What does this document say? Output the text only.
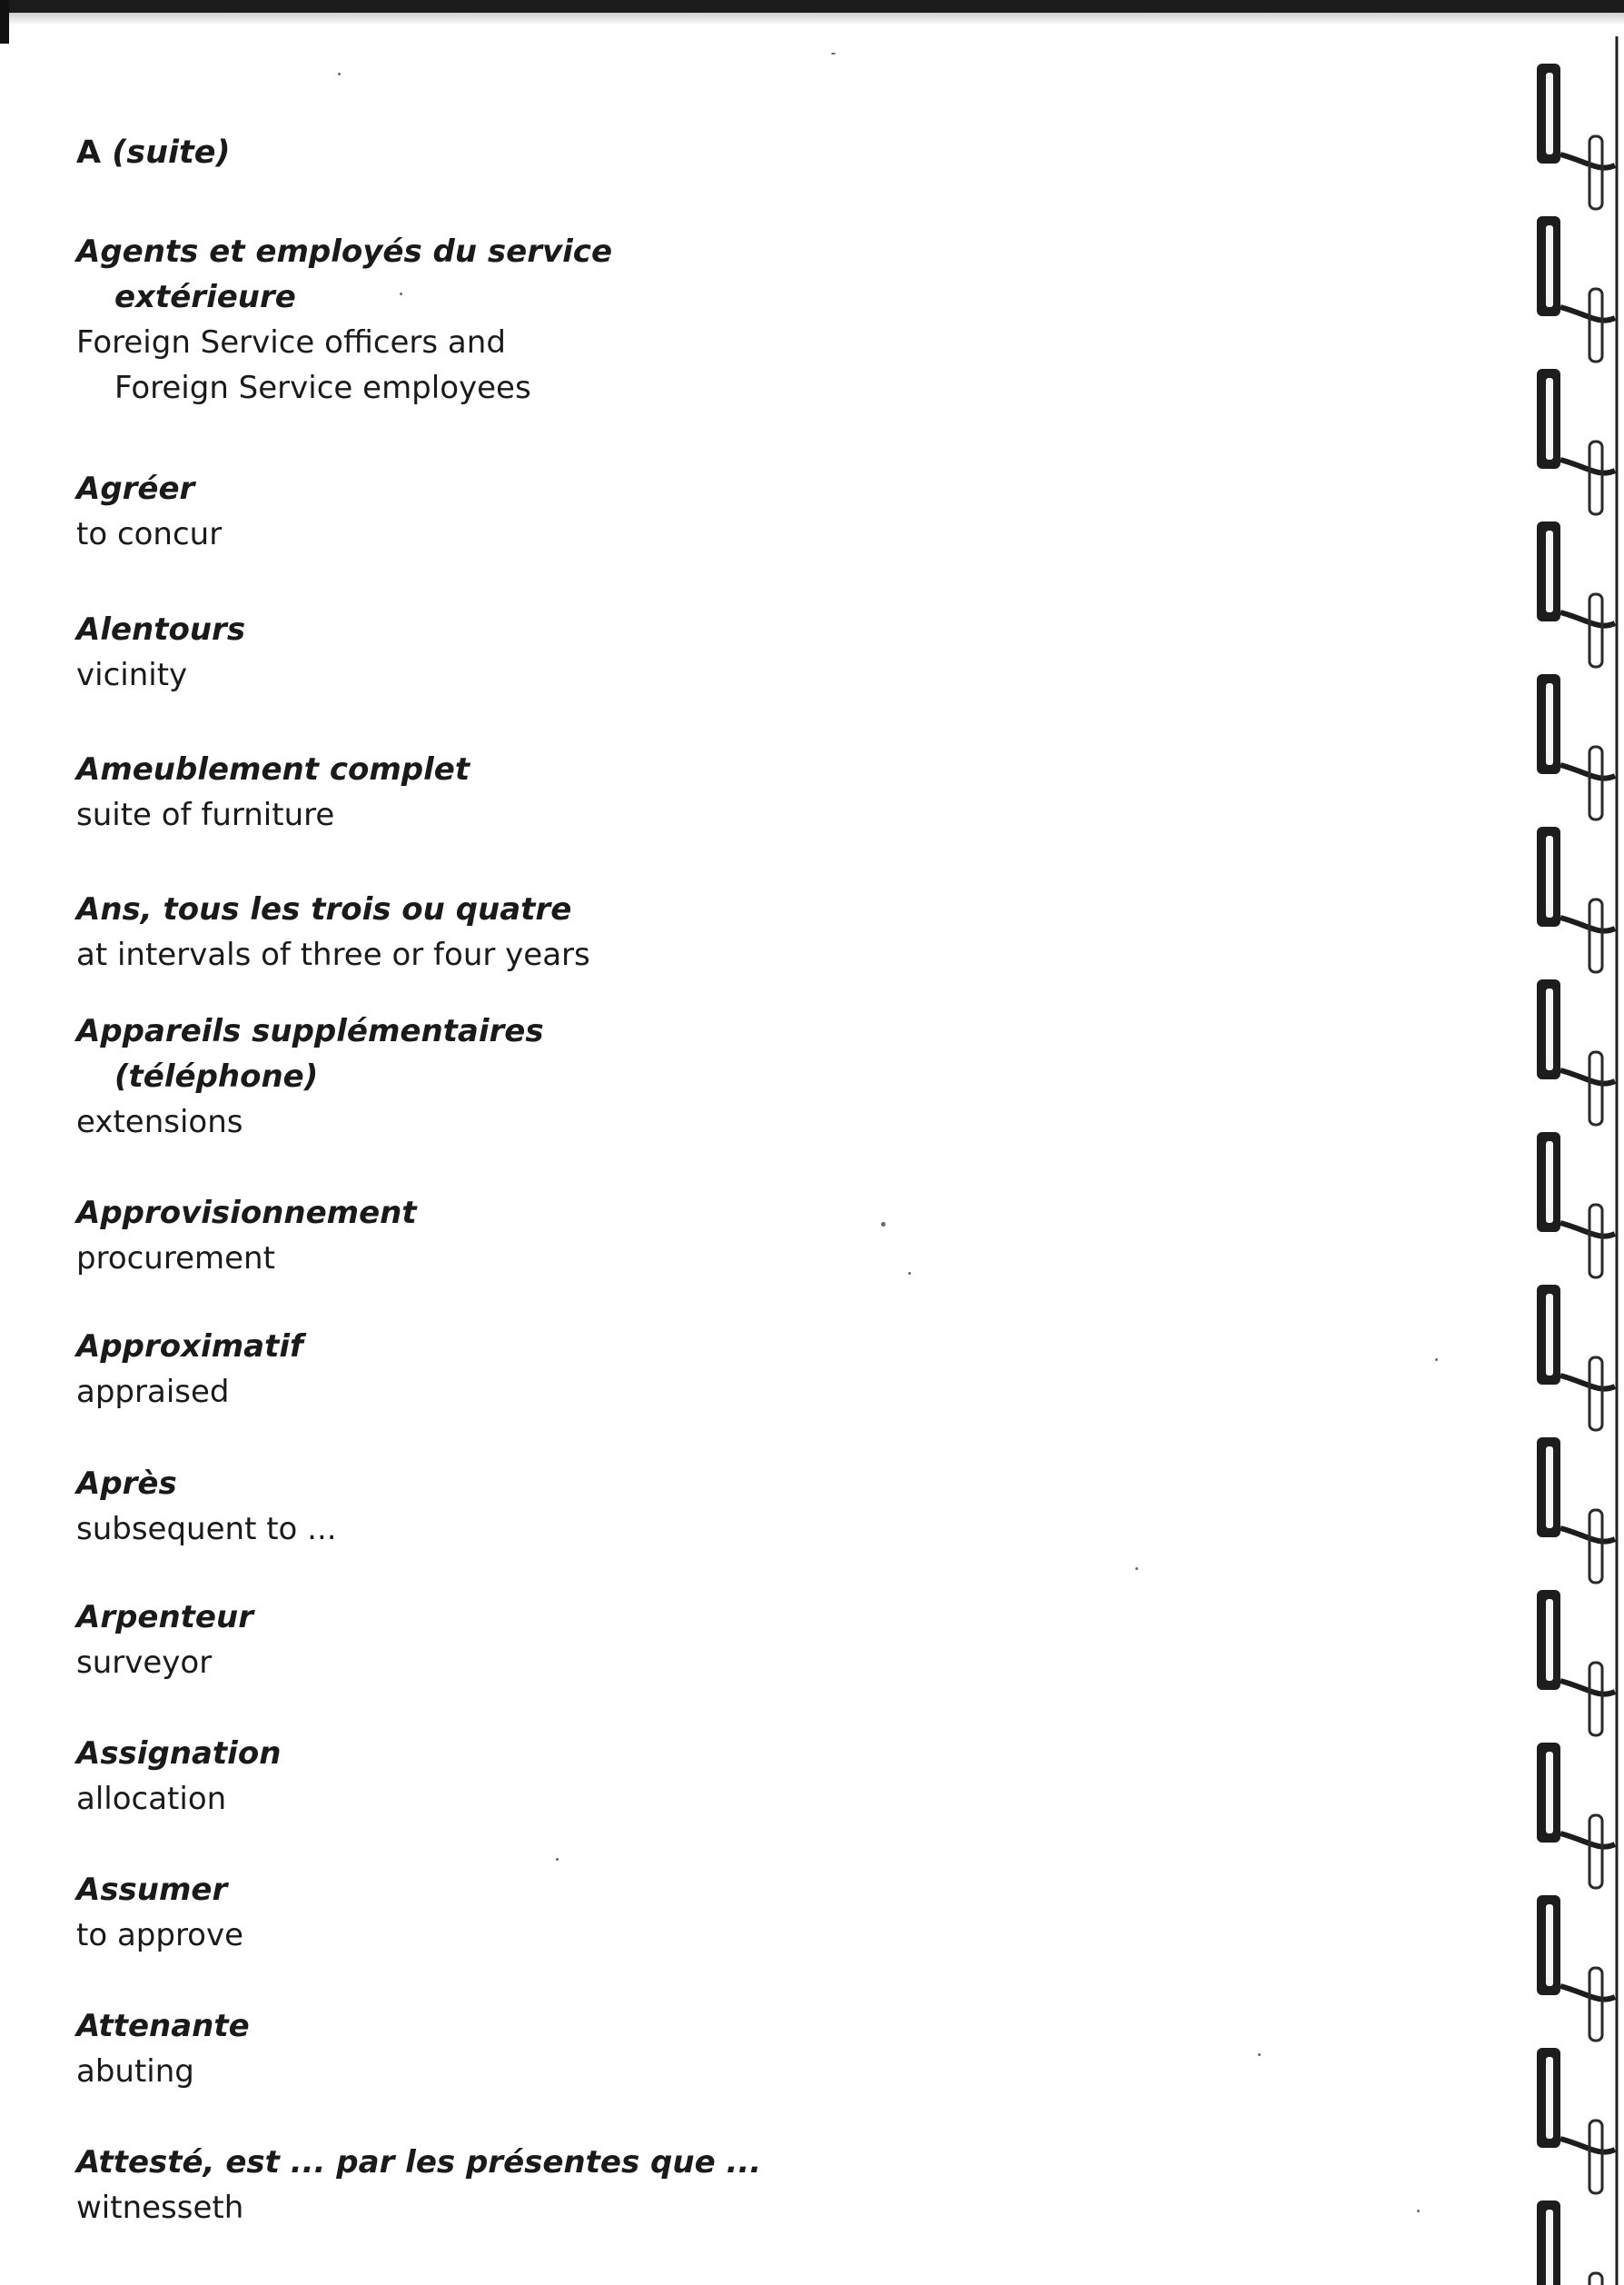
A (suite)
Agents et employés du service
extérieure
Foreign Service officers and
Foreign Service employees
Agréer
to concur
Alentours
vicinity
Ameublement complet
suite of furniture
Ans, tous les trois ou quatre
at intervals of three or four years
Appareils supplémentaires
(téléphone)
extensions
Approvisionnement
procurement
Approximatif
appraised
Après
subsequent to ...
Arpenteur
surveyor
Assignation
allocation
Assumer
to approve
Attenante
abuting
Attesté, est ... par les présentes que ...
witnesseth
